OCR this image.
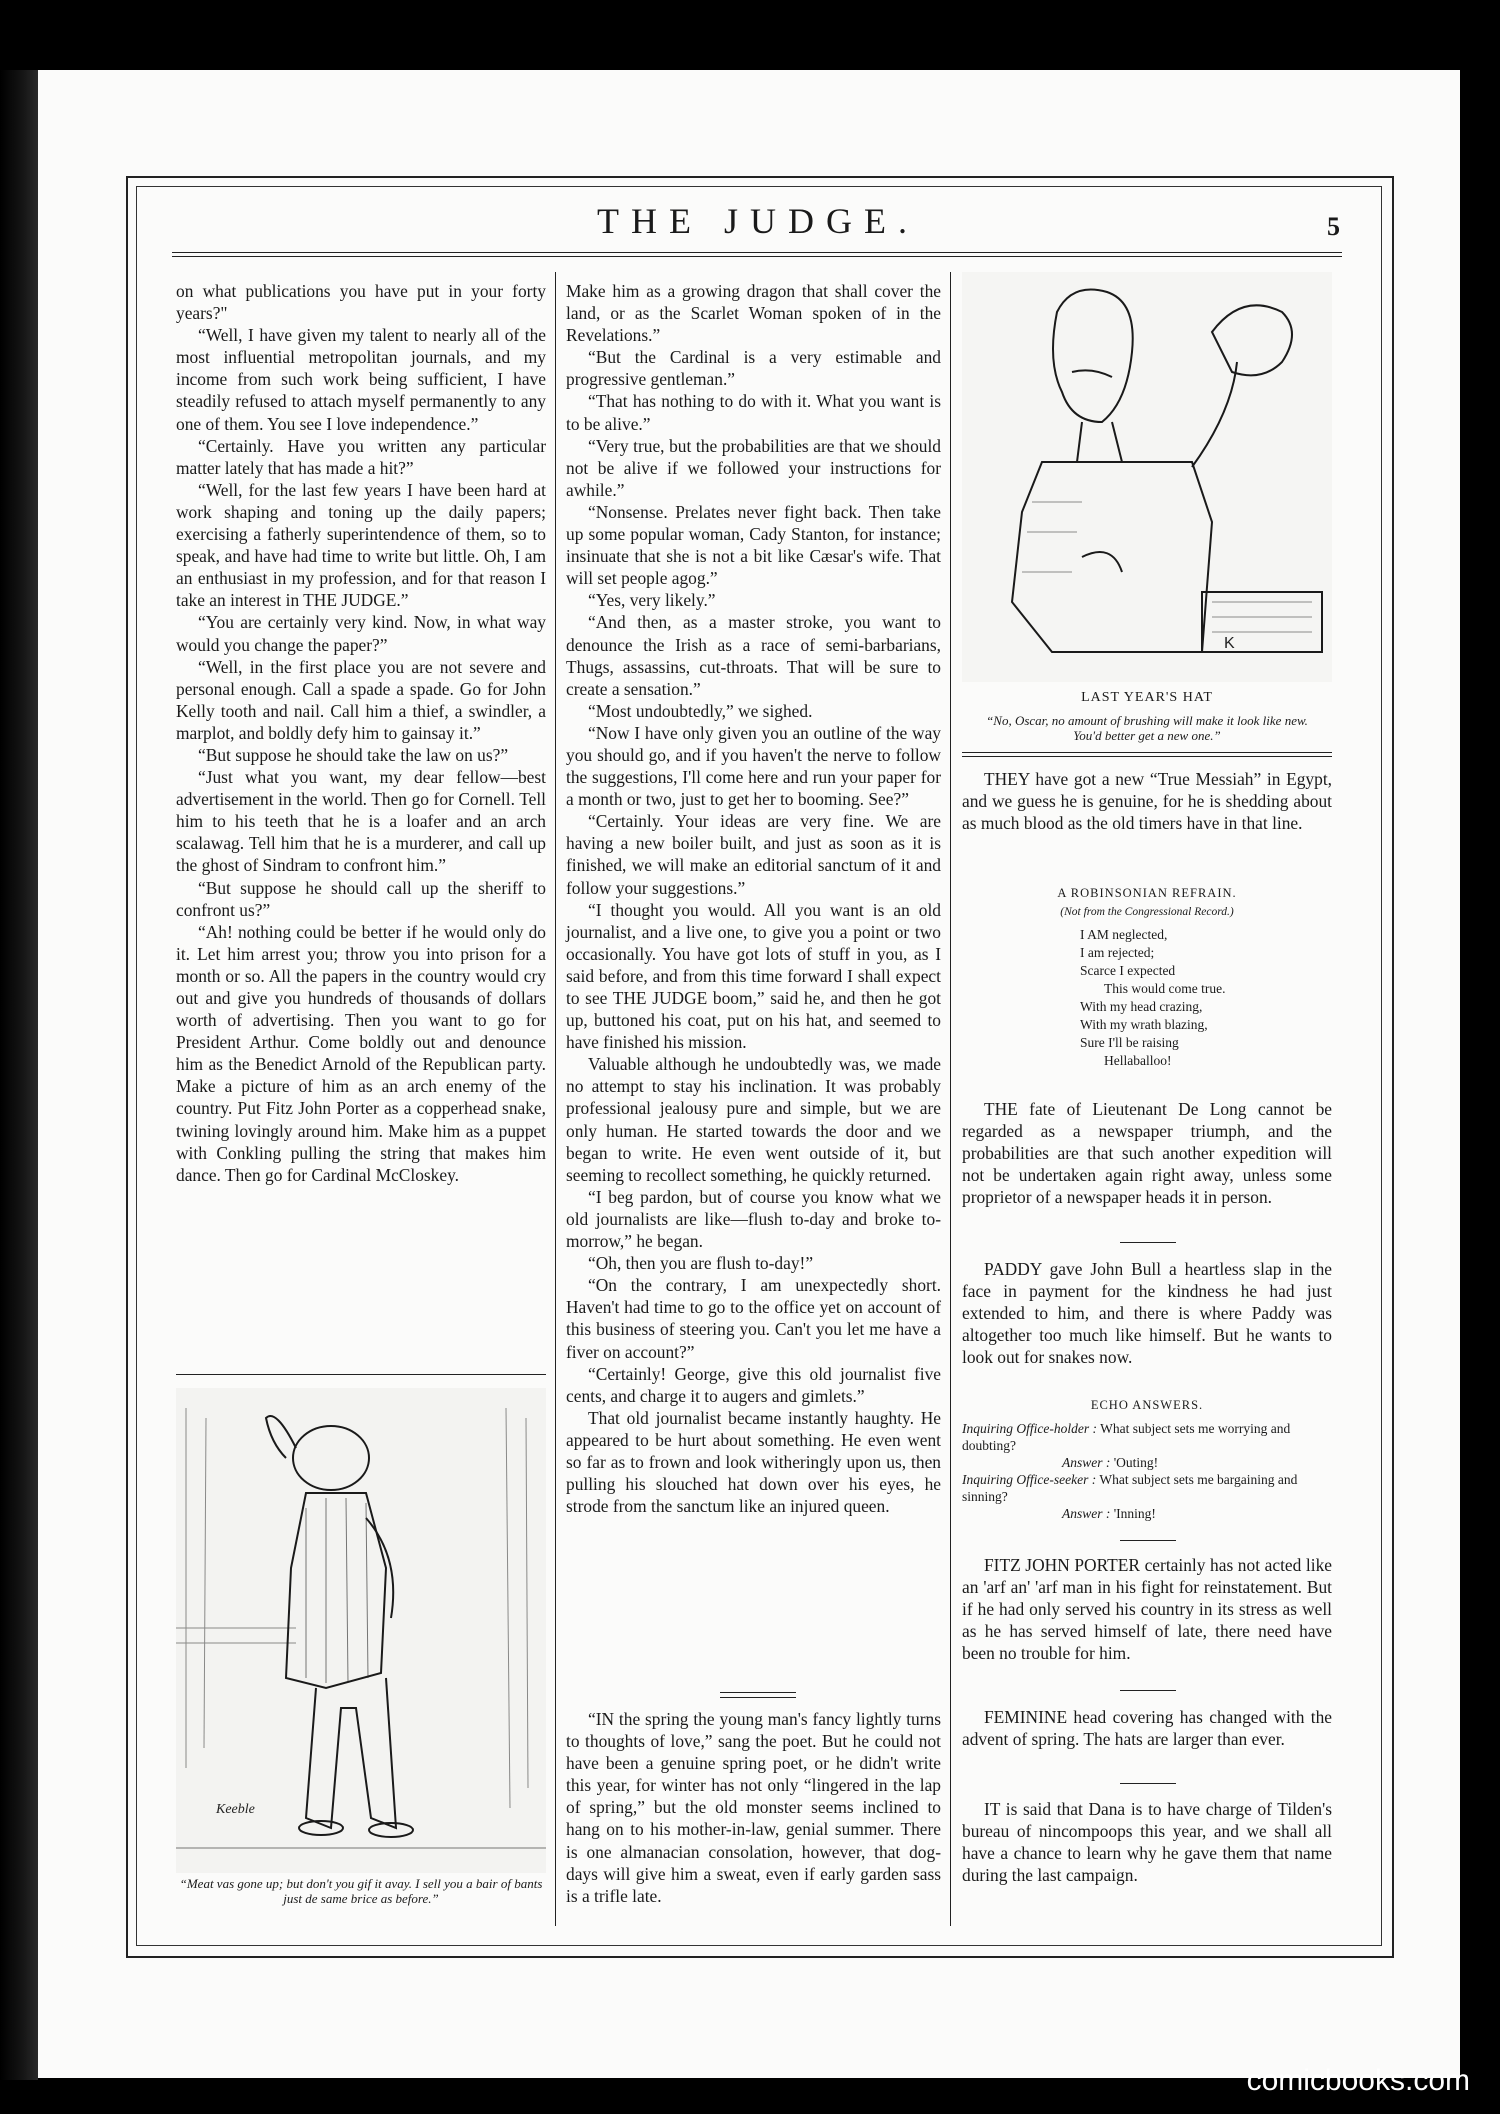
THE JUDGE.	5

on what publications you have put in your forty years?"

“Well, I have given my talent to nearly all of the most influential metropolitan journals, and my income from such work being sufficient, I have steadily refused to attach myself permanently to any one of them. You see I love independence.”

“Certainly. Have you written any particular matter lately that has made a hit?”

“Well, for the last few years I have been hard at work shaping and toning up the daily papers; exercising a fatherly superintendence of them, so to speak, and have had time to write but little. Oh, I am an enthusiast in my profession, and for that reason I take an interest in THE JUDGE.”

“You are certainly very kind. Now, in what way would you change the paper?”

“Well, in the first place you are not severe and personal enough. Call a spade a spade. Go for John Kelly tooth and nail. Call him a thief, a swindler, a marplot, and boldly defy him to gainsay it.”

“But suppose he should take the law on us?”

“Just what you want, my dear fellow—best advertisement in the world. Then go for Cornell. Tell him to his teeth that he is a loafer and an arch scalawag. Tell him that he is a murderer, and call up the ghost of Sindram to confront him.”

“But suppose he should call up the sheriff to confront us?”

“Ah! nothing could be better if he would only do it. Let him arrest you; throw you into prison for a month or so. All the papers in the country would cry out and give you hundreds of thousands of dollars worth of advertising. Then you want to go for President Arthur. Come boldly out and denounce him as the Benedict Arnold of the Republican party. Make a picture of him as an arch enemy of the country. Put Fitz John Porter as a copperhead snake, twining lovingly around him. Make him as a puppet with Conkling pulling the string that makes him dance. Then go for Cardinal McCloskey.

Keeble
“Meat vas gone up; but don't you gif it avay. I sell you a bair of bants just de same brice as before.”

Make him as a growing dragon that shall cover the land, or as the Scarlet Woman spoken of in the Revelations.”

“But the Cardinal is a very estimable and progressive gentleman.”

“That has nothing to do with it. What you want is to be alive.”

“Very true, but the probabilities are that we should not be alive if we followed your instructions for awhile.”

“Nonsense. Prelates never fight back. Then take up some popular woman, Cady Stanton, for instance; insinuate that she is not a bit like Cæsar's wife. That will set people agog.”

“Yes, very likely.”

“And then, as a master stroke, you want to denounce the Irish as a race of semi-barbarians, Thugs, assassins, cut-throats. That will be sure to create a sensation.”

“Most undoubtedly,” we sighed.

“Now I have only given you an outline of the way you should go, and if you haven't the nerve to follow the suggestions, I'll come here and run your paper for a month or two, just to get her to booming. See?”

“Certainly. Your ideas are very fine. We are having a new boiler built, and just as soon as it is finished, we will make an editorial sanctum of it and follow your suggestions.”

“I thought you would. All you want is an old journalist, and a live one, to give you a point or two occasionally. You have got lots of stuff in you, as I said before, and from this time forward I shall expect to see THE JUDGE boom,” said he, and then he got up, buttoned his coat, put on his hat, and seemed to have finished his mission.

Valuable although he undoubtedly was, we made no attempt to stay his inclination. It was probably professional jealousy pure and simple, but we are only human. He started towards the door and we began to write. He even went outside of it, but seeming to recollect something, he quickly returned.

“I beg pardon, but of course you know what we old journalists are like—flush to-day and broke to-morrow,” he began.

“Oh, then you are flush to-day!”

“On the contrary, I am unexpectedly short. Haven't had time to go to the office yet on account of this business of steering you. Can't you let me have a fiver on account?”

“Certainly! George, give this old journalist five cents, and charge it to augers and gimlets.”

That old journalist became instantly haughty. He appeared to be hurt about something. He even went so far as to frown and look witheringly upon us, then pulling his slouched hat down over his eyes, he strode from the sanctum like an injured queen.

“IN the spring the young man's fancy lightly turns to thoughts of love,” sang the poet. But he could not have been a genuine spring poet, or he didn't write this year, for winter has not only “lingered in the lap of spring,” but the old monster seems inclined to hang on to his mother-in-law, genial summer. There is one almanacian consolation, however, that dog-days will give him a sweat, even if early garden sass is a trifle late.

K
LAST YEAR'S HAT
“No, Oscar, no amount of brushing will make it look like new. You'd better get a new one.”

THEY have got a new “True Messiah” in Egypt, and we guess he is genuine, for he is shedding about as much blood as the old timers have in that line.

A ROBINSONIAN REFRAIN.
(Not from the Congressional Record.)
I AM neglected,
I am rejected;
Scarce I expected
This would come true.
With my head crazing,
With my wrath blazing,
Sure I'll be raising
Hellaballoo!

THE fate of Lieutenant De Long cannot be regarded as a newspaper triumph, and the probabilities are that such another expedition will not be undertaken again right away, unless some proprietor of a newspaper heads it in person.

PADDY gave John Bull a heartless slap in the face in payment for the kindness he had just extended to him, and there is where Paddy was altogether too much like himself. But he wants to look out for snakes now.

ECHO ANSWERS.
Inquiring Office-holder : What subject sets me worrying and doubting?
Answer : 'Outing!
Inquiring Office-seeker : What subject sets me bargaining and sinning?
Answer : 'Inning!

FITZ JOHN PORTER certainly has not acted like an 'arf an' 'arf man in his fight for reinstatement. But if he had only served his country in its stress as well as he has served himself of late, there need have been no trouble for him.

FEMININE head covering has changed with the advent of spring. The hats are larger than ever.

IT is said that Dana is to have charge of Tilden's bureau of nincompoops this year, and we shall all have a chance to learn why he gave them that name during the last campaign.

comicbooks.com
